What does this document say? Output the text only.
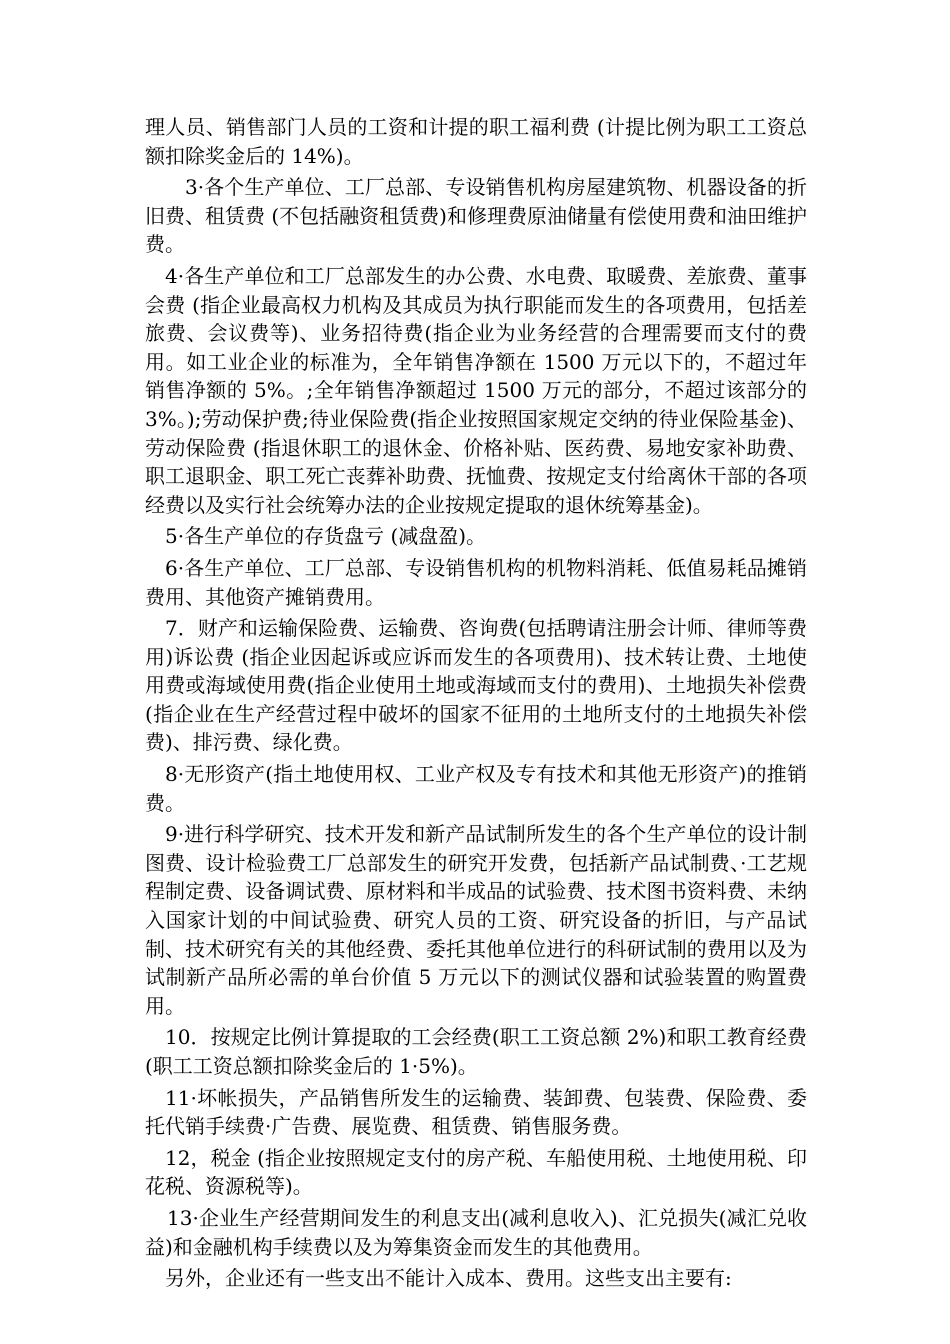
理人员、销售部门人员的工资和计提的职工福利费 (计提比例为职工工资总额扣除奖金后的 14%)。

3·各个生产单位、工厂总部、专设销售机构房屋建筑物、机器设备的折旧费、租赁费 (不包括融资租赁费)和修理费原油储量有偿使用费和油田维护费。

4·各生产单位和工厂总部发生的办公费、水电费、取暖费、差旅费、董事会费 (指企业最高权力机构及其成员为执行职能而发生的各项费用，包括差旅费、会议费等)、业务招待费(指企业为业务经营的合理需要而支付的费用。如工业企业的标准为，全年销售净额在 1500 万元以下的，不超过年销售净额的 5%。;全年销售净额超过 1500 万元的部分，不超过该部分的 3%。);劳动保护费;待业保险费(指企业按照国家规定交纳的待业保险基金)、劳动保险费 (指退休职工的退休金、价格补贴、医药费、易地安家补助费、职工退职金、职工死亡丧葬补助费、抚恤费、按规定支付给离休干部的各项经费以及实行社会统筹办法的企业按规定提取的退休统筹基金)。

5·各生产单位的存货盘亏 (减盘盈)。

6·各生产单位、工厂总部、专设销售机构的机物料消耗、低值易耗品摊销费用、其他资产摊销费用。

7．财产和运输保险费、运输费、咨询费(包括聘请注册会计师、律师等费用)诉讼费 (指企业因起诉或应诉而发生的各项费用)、技术转让费、土地使用费或海域使用费(指企业使用土地或海域而支付的费用)、土地损失补偿费(指企业在生产经营过程中破坏的国家不征用的土地所支付的土地损失补偿费)、排污费、绿化费。

8·无形资产(指土地使用权、工业产权及专有技术和其他无形资产)的推销费。

9·进行科学研究、技术开发和新产品试制所发生的各个生产单位的设计制图费、设计检验费工厂总部发生的研究开发费，包括新产品试制费、·工艺规程制定费、设备调试费、原材料和半成品的试验费、技术图书资料费、未纳入国家计划的中间试验费、研究人员的工资、研究设备的折旧，与产品试制、技术研究有关的其他经费、委托其他单位进行的科研试制的费用以及为试制新产品所必需的单台价值 5 万元以下的测试仪器和试验装置的购置费用。

10．按规定比例计算提取的工会经费(职工工资总额 2%)和职工教育经费 (职工工资总额扣除奖金后的 1·5%)。

11·坏帐损失，产品销售所发生的运输费、装卸费、包装费、保险费、委托代销手续费·广告费、展览费、租赁费、销售服务费。

12，税金 (指企业按照规定支付的房产税、车船使用税、土地使用税、印花税、资源税等)。

13·企业生产经营期间发生的利息支出(减利息收入)、汇兑损失(减汇兑收益)和金融机构手续费以及为筹集资金而发生的其他费用。

另外，企业还有一些支出不能计入成本、费用。这些支出主要有:
